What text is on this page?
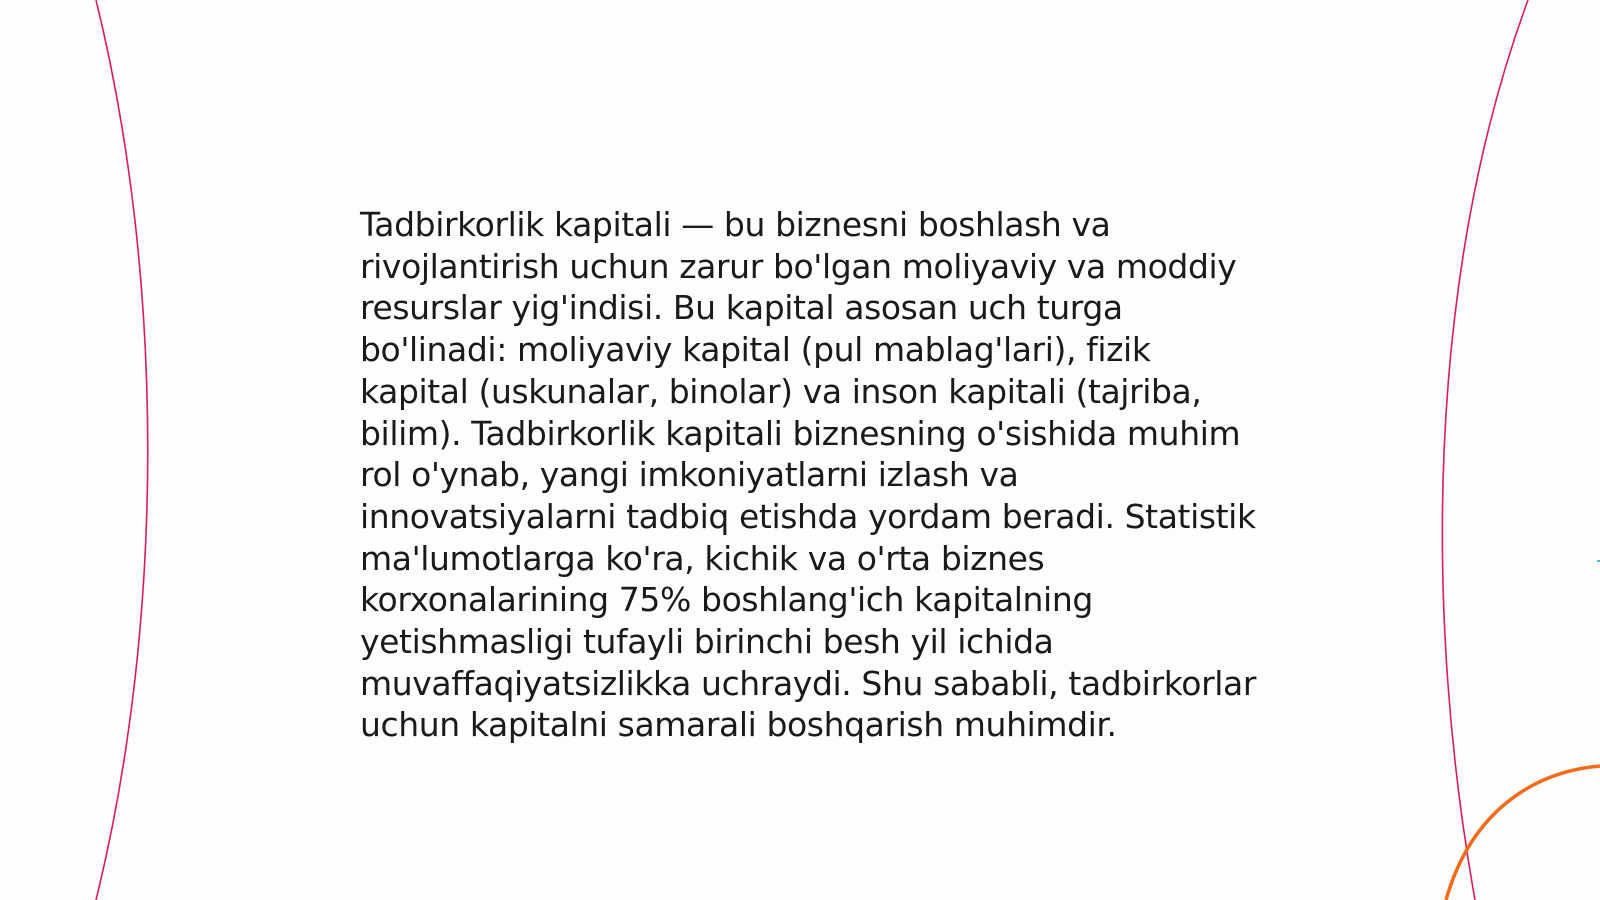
Tadbirkorlik kapitali — bu biznesni boshlash va rivojlantirish uchun zarur bo'lgan moliyaviy va moddiy resurslar yig'indisi. Bu kapital asosan uch turga bo'linadi: moliyaviy kapital (pul mablag'lari), fizik kapital (uskunalar, binolar) va inson kapitali (tajriba, bilim). Tadbirkorlik kapitali biznesning o'sishida muhim rol o'ynab, yangi imkoniyatlarni izlash va innovatsiyalarni tadbiq etishda yordam beradi. Statistik ma'lumotlarga ko'ra, kichik va o'rta biznes korxonalarining 75% boshlang'ich kapitalning yetishmasligi tufayli birinchi besh yil ichida muvaffaqiyatsizlikka uchraydi. Shu sababli, tadbirkorlar uchun kapitalni samarali boshqarish muhimdir.
